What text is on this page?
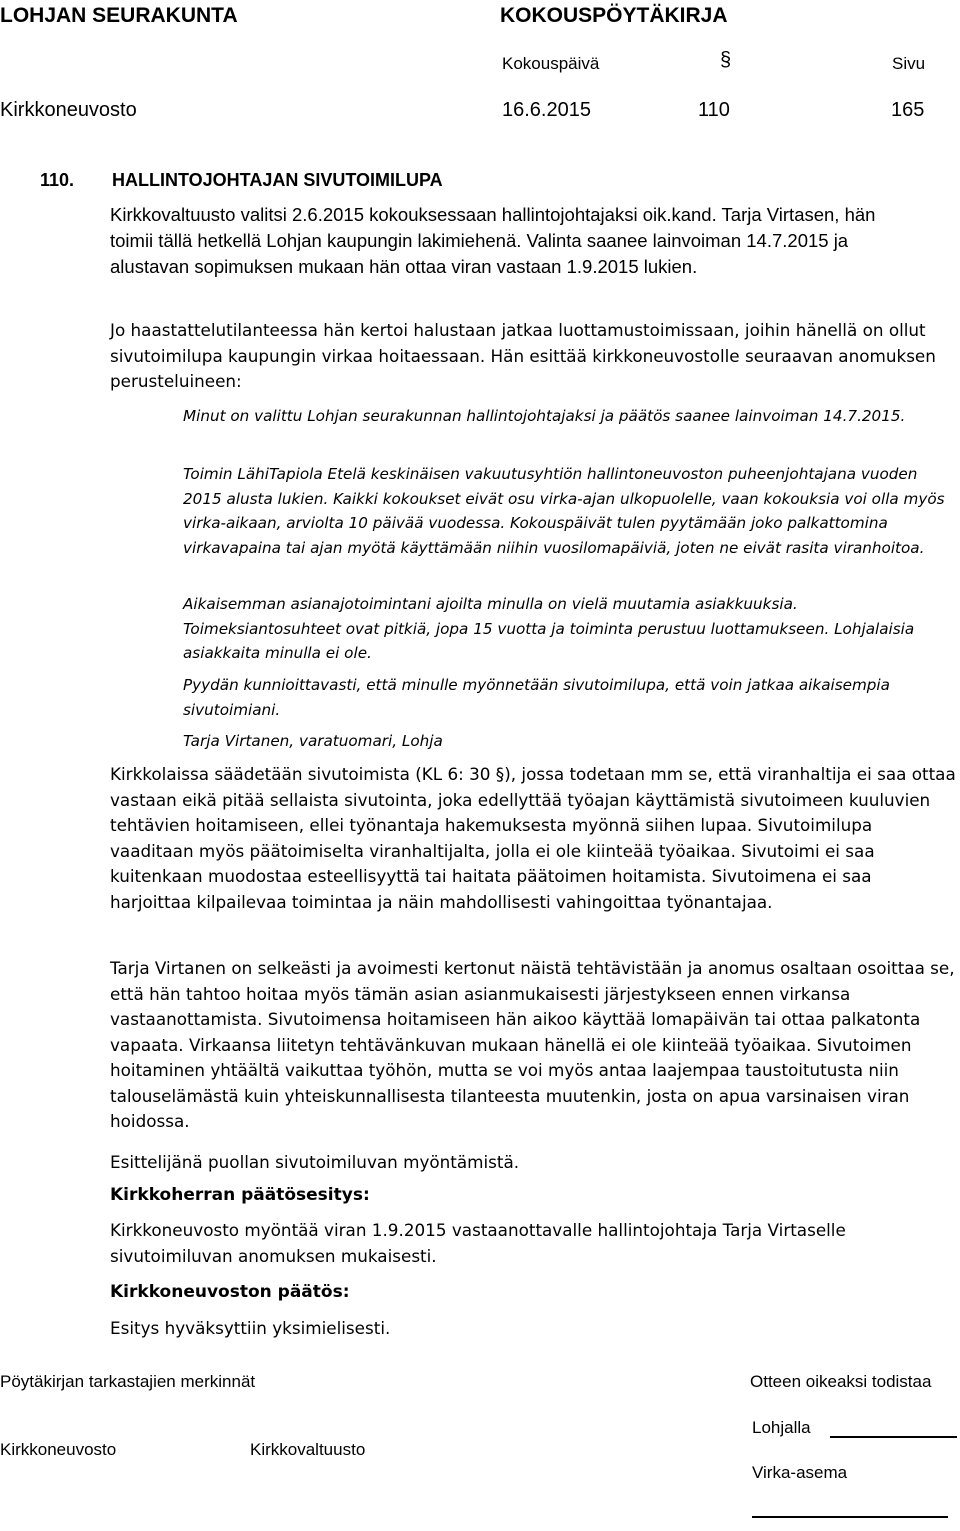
LOHJAN SEURAKUNTA	KOKOUSPÖYTÄKIRJA
Kokouspäivä	§	Sivu
Kirkkoneuvosto	16.6.2015	110	165
110. HALLINTOJOHTAJAN SIVUTOIMILUPA

Kirkkovaltuusto valitsi 2.6.2015 kokouksessaan hallintojohtajaksi oik.kand. Tarja Virtasen, hän toimii tällä hetkellä Lohjan kaupungin lakimiehenä. Valinta saanee lainvoiman 14.7.2015 ja alustavan sopimuksen mukaan hän ottaa viran vastaan 1.9.2015 lukien.

Jo haastattelutilanteessa hän kertoi halustaan jatkaa luottamustoimissaan, joihin hänellä on ollut sivutoimilupa kaupungin virkaa hoitaessaan. Hän esittää kirkkoneuvostolle seuraavan anomuksen perusteluineen:

Minut on valittu Lohjan seurakunnan hallintojohtajaksi ja päätös saanee lainvoiman 14.7.2015.

Toimin LähiTapiola Etelä keskinäisen vakuutusyhtiön hallintoneuvoston puheenjohtajana vuoden 2015 alusta lukien. Kaikki kokoukset eivät osu virka-ajan ulkopuolelle, vaan kokouksia voi olla myös virka-aikaan, arviolta 10 päivää vuodessa. Kokouspäivät tulen pyytämään joko palkattomina virkavapaina tai ajan myötä käyttämään niihin vuosilomapäiviä, joten ne eivät rasita viranhoitoa.

Aikaisemman asianajotoimintani ajoilta minulla on vielä muutamia asiakkuuksia. Toimeksiantosuhteet ovat pitkiä, jopa 15 vuotta ja toiminta perustuu luottamukseen. Lohjalaisia asiakkaita minulla ei ole.

Pyydän kunnioittavasti, että minulle myönnetään sivutoimilupa, että voin jatkaa aikaisempia sivutoimiani.

Tarja Virtanen, varatuomari, Lohja

Kirkkolaissa säädetään sivutoimista (KL 6: 30 §), jossa todetaan mm se, että viranhaltija ei saa ottaa vastaan eikä pitää sellaista sivutointa, joka edellyttää työajan käyttämistä sivutoimeen kuuluvien tehtävien hoitamiseen, ellei työnantaja hakemuksesta myönnä siihen lupaa. Sivutoimilupa vaaditaan myös päätoimiselta viranhaltijalta, jolla ei ole kiinteää työaikaa. Sivutoimi ei saa kuitenkaan muodostaa esteellisyyttä tai haitata päätoimen hoitamista. Sivutoimena ei saa harjoittaa kilpailevaa toimintaa ja näin mahdollisesti vahingoittaa työnantajaa.

Tarja Virtanen on selkeästi ja avoimesti kertonut näistä tehtävistään ja anomus osaltaan osoittaa se, että hän tahtoo hoitaa myös tämän asian asianmukaisesti järjestykseen ennen virkansa vastaanottamista. Sivutoimensa hoitamiseen hän aikoo käyttää lomapäivän tai ottaa palkatonta vapaata. Virkaansa liitetyn tehtävänkuvan mukaan hänellä ei ole kiinteää työaikaa. Sivutoimen hoitaminen yhtäältä vaikuttaa työhön, mutta se voi myös antaa laajempaa taustoitutusta niin talouselämästä kuin yhteiskunnallisesta tilanteesta muutenkin, josta on apua varsinaisen viran hoidossa.

Esittelijänä puollan sivutoimiluvan myöntämistä.

Kirkkoherran päätösesitys:

Kirkkoneuvosto myöntää viran 1.9.2015 vastaanottavalle hallintojohtaja Tarja Virtaselle sivutoimiluvan anomuksen mukaisesti.

Kirkkoneuvoston päätös:

Esitys hyväksyttiin yksimielisesti.

Pöytäkirjan tarkastajien merkinnät	Otteen oikeaksi todistaa
Kirkkoneuvosto	Kirkkovaltuusto
Lohjalla
Virka-asema
